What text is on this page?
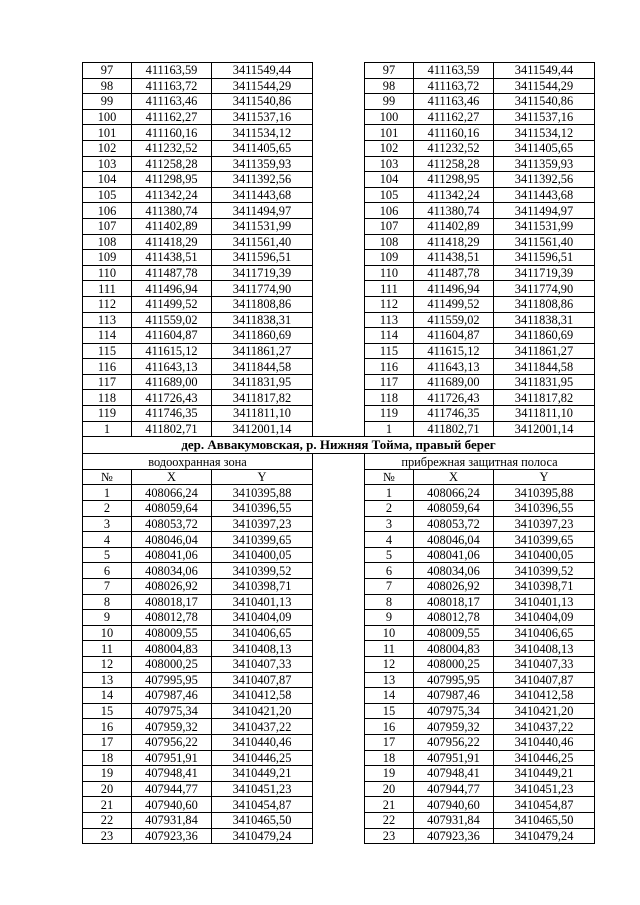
97	411163,59	3411549,44		97	411163,59	3411549,44
98	411163,72	3411544,29		98	411163,72	3411544,29
99	411163,46	3411540,86		99	411163,46	3411540,86
100	411162,27	3411537,16		100	411162,27	3411537,16
101	411160,16	3411534,12		101	411160,16	3411534,12
102	411232,52	3411405,65		102	411232,52	3411405,65
103	411258,28	3411359,93		103	411258,28	3411359,93
104	411298,95	3411392,56		104	411298,95	3411392,56
105	411342,24	3411443,68		105	411342,24	3411443,68
106	411380,74	3411494,97		106	411380,74	3411494,97
107	411402,89	3411531,99		107	411402,89	3411531,99
108	411418,29	3411561,40		108	411418,29	3411561,40
109	411438,51	3411596,51		109	411438,51	3411596,51
110	411487,78	3411719,39		110	411487,78	3411719,39
111	411496,94	3411774,90		111	411496,94	3411774,90
112	411499,52	3411808,86		112	411499,52	3411808,86
113	411559,02	3411838,31		113	411559,02	3411838,31
114	411604,87	3411860,69		114	411604,87	3411860,69
115	411615,12	3411861,27		115	411615,12	3411861,27
116	411643,13	3411844,58		116	411643,13	3411844,58
117	411689,00	3411831,95		117	411689,00	3411831,95
118	411726,43	3411817,82		118	411726,43	3411817,82
119	411746,35	3411811,10		119	411746,35	3411811,10
1	411802,71	3412001,14		1	411802,71	3412001,14
дер. Аввакумовская, р. Нижняя Тойма, правый берег						
водоохранная зона				прибрежная защитная полоса		
№	X	Y		№	X	Y
1	408066,24	3410395,88		1	408066,24	3410395,88
2	408059,64	3410396,55		2	408059,64	3410396,55
3	408053,72	3410397,23		3	408053,72	3410397,23
4	408046,04	3410399,65		4	408046,04	3410399,65
5	408041,06	3410400,05		5	408041,06	3410400,05
6	408034,06	3410399,52		6	408034,06	3410399,52
7	408026,92	3410398,71		7	408026,92	3410398,71
8	408018,17	3410401,13		8	408018,17	3410401,13
9	408012,78	3410404,09		9	408012,78	3410404,09
10	408009,55	3410406,65		10	408009,55	3410406,65
11	408004,83	3410408,13		11	408004,83	3410408,13
12	408000,25	3410407,33		12	408000,25	3410407,33
13	407995,95	3410407,87		13	407995,95	3410407,87
14	407987,46	3410412,58		14	407987,46	3410412,58
15	407975,34	3410421,20		15	407975,34	3410421,20
16	407959,32	3410437,22		16	407959,32	3410437,22
17	407956,22	3410440,46		17	407956,22	3410440,46
18	407951,91	3410446,25		18	407951,91	3410446,25
19	407948,41	3410449,21		19	407948,41	3410449,21
20	407944,77	3410451,23		20	407944,77	3410451,23
21	407940,60	3410454,87		21	407940,60	3410454,87
22	407931,84	3410465,50		22	407931,84	3410465,50
23	407923,36	3410479,24		23	407923,36	3410479,24
